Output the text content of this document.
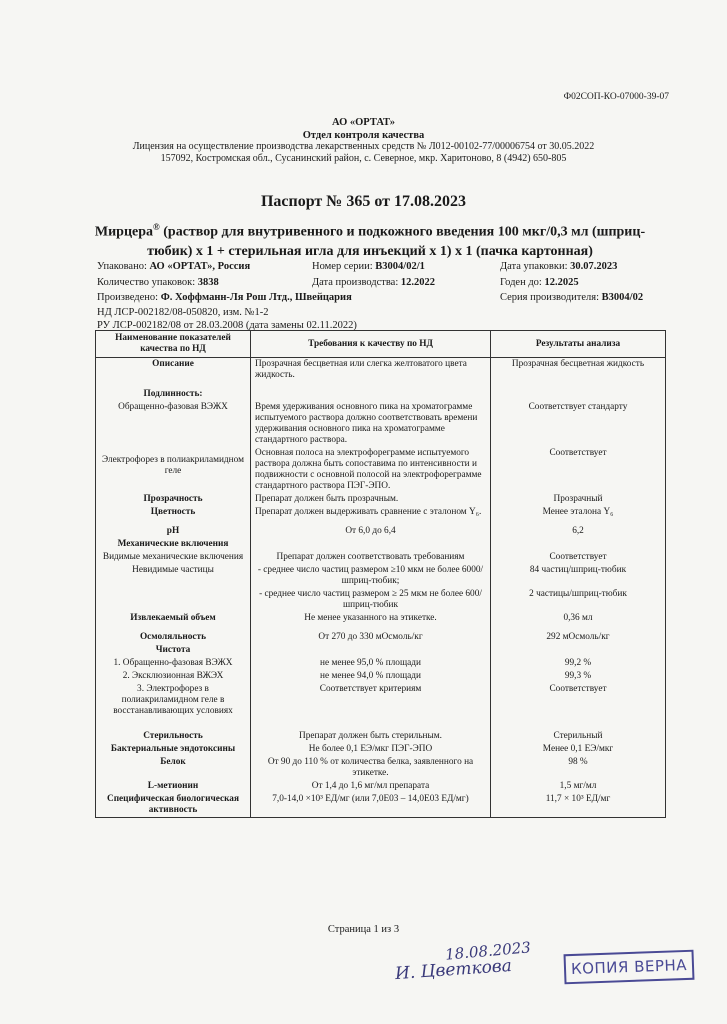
Ф02СОП-КО-07000-39-07
АО «ОРТАТ»
Отдел контроля качества
Лицензия на осуществление производства лекарственных средств № Л012-00102-77/00006754 от 30.05.2022
157092, Костромская обл., Сусанинский район, с. Северное, мкр. Харитоново, 8 (4942) 650-805
Паспорт № 365 от 17.08.2023
Мирцера® (раствор для внутривенного и подкожного введения 100 мкг/0,3 мл (шприц-тюбик) х 1 + стерильная игла для инъекций х 1) х 1 (пачка картонная)
Упаковано: АО «ОРТАТ», Россия	Номер серии: В3004/02/1	Дата упаковки: 30.07.2023
Количество упаковок: 3838	Дата производства: 12.2022	Годен до: 12.2025
Произведено: Ф. Хоффманн-Ля Рош Лтд., Швейцария	Серия производителя: В3004/02
НД ЛСР-002182/08-050820, изм. №1-2
РУ ЛСР-002182/08 от 28.03.2008 (дата замены 02.11.2022)
Наименование показателей качества по НД	Требования к качеству по НД	Результаты анализа
Описание	Прозрачная бесцветная или слегка желтоватого цвета жидкость.	Прозрачная бесцветная жидкость

Подлинность:		
Обращенно-фазовая ВЭЖХ	Время удерживания основного пика на хроматограмме испытуемого раствора должно соответствовать времени удерживания основного пика на хроматограмме стандартного раствора.	Соответствует стандарту
Электрофорез в полиакриламидном геле	Основная полоса на электрофореграмме испытуемого раствора должна быть сопоставима по интенсивности и подвижности с основной полосой на электрофореграмме стандартного раствора ПЭГ-ЭПО.	Соответствует
Прозрачность	Препарат должен быть прозрачным.	Прозрачный
Цветность	Препарат должен выдерживать сравнение с эталоном Y₆.	Менее эталона Y₆

pH	От 6,0 до 6,4	6,2
Механические включения		
Видимые механические включения	Препарат должен соответствовать требованиям	Соответствует
Невидимые частицы	- среднее число частиц размером ≥10 мкм не более 6000/шприц-тюбик;	84 частиц/шприц-тюбик
	- среднее число частиц размером ≥ 25 мкм не более 600/шприц-тюбик	2 частицы/шприц-тюбик
Извлекаемый объем	Не менее указанного на этикетке.	0,36 мл

Осмоляльность	От 270 до 330 мОсмоль/кг	292 мОсмоль/кг
Чистота		
1. Обращенно-фазовая ВЭЖХ	не менее 95,0 % площади	99,2 %
2. Эксклюзионная ВЖЭХ	не менее 94,0 % площади	99,3 %
3. Электрофорез в полиакриламидном геле в восстанавливающих условиях	Соответствует критериям	Соответствует

Стерильность	Препарат должен быть стерильным.	Стерильный
Бактериальные эндотоксины	Не более 0,1 ЕЭ/мкг ПЭГ-ЭПО	Менее 0,1 ЕЭ/мкг
Белок	От 90 до 110 % от количества белка, заявленного на этикетке.	98 %
L-метионин	От 1,4 до 1,6 мг/мл препарата	1,5 мг/мл
Специфическая биологическая активность	7,0-14,0 ×10³ ЕД/мг (или 7,0Е03 – 14,0Е03 ЕД/мг)	11,7 × 10³ ЕД/мг
Страница 1 из 3
18.08.2023
И. Цветкова	КОПИЯ ВЕРНА
